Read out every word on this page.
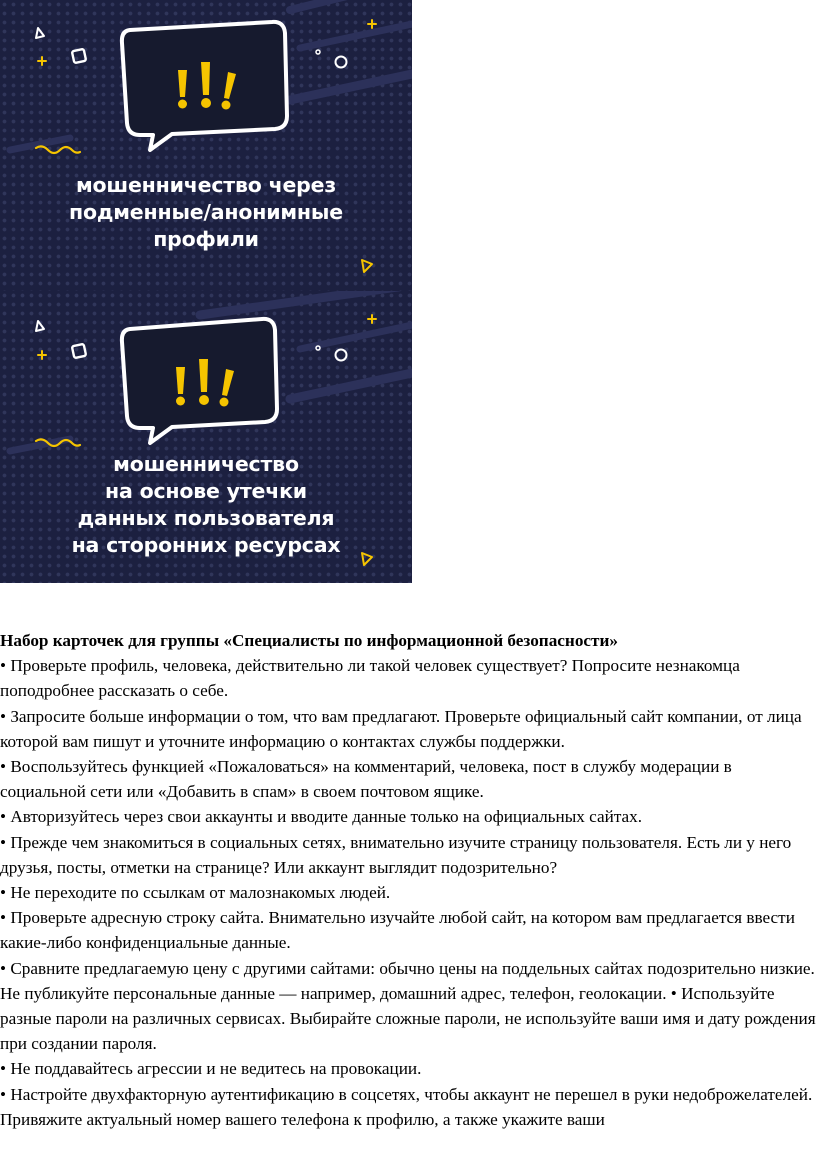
мошенничество через
подменные/анонимные
профили
мошенничество
на основе утечки
данных пользователя
на сторонних ресурсах

Набор карточек для группы «Специалисты по информационной безопасности»

• Проверьте профиль, человека, действительно ли такой человек существует? Попросите незнакомца поподробнее рассказать о себе.

• Запросите больше информации о том, что вам предлагают. Проверьте официальный сайт компании, от лица которой вам пишут и уточните информацию о контактах службы поддержки.

• Воспользуйтесь функцией «Пожаловаться» на комментарий, человека, пост в службу модерации в социальной сети или «Добавить в спам» в своем почтовом ящике.

• Авторизуйтесь через свои аккаунты и вводите данные только на официальных сайтах.

• Прежде чем знакомиться в социальных сетях, внимательно изучите страницу пользователя. Есть ли у него друзья, посты, отметки на странице? Или аккаунт выглядит подозрительно?

• Не переходите по ссылкам от малознакомых людей.

• Проверьте адресную строку сайта. Внимательно изучайте любой сайт, на котором вам предлагается ввести какие-либо конфиденциальные данные.

• Сравните предлагаемую цену с другими сайтами: обычно цены на поддельных сайтах подозрительно низкие.

Не публикуйте персональные данные — например, домашний адрес, телефон, геолокации. • Используйте разные пароли на различных сервисах. Выбирайте сложные пароли, не используйте ваши имя и дату рождения при создании пароля.

• Не поддавайтесь агрессии и не ведитесь на провокации.

• Настройте двухфакторную аутентификацию в соцсетях, чтобы аккаунт не перешел в руки недоброжелателей. Привяжите актуальный номер вашего телефона к профилю, а также укажите ваши
